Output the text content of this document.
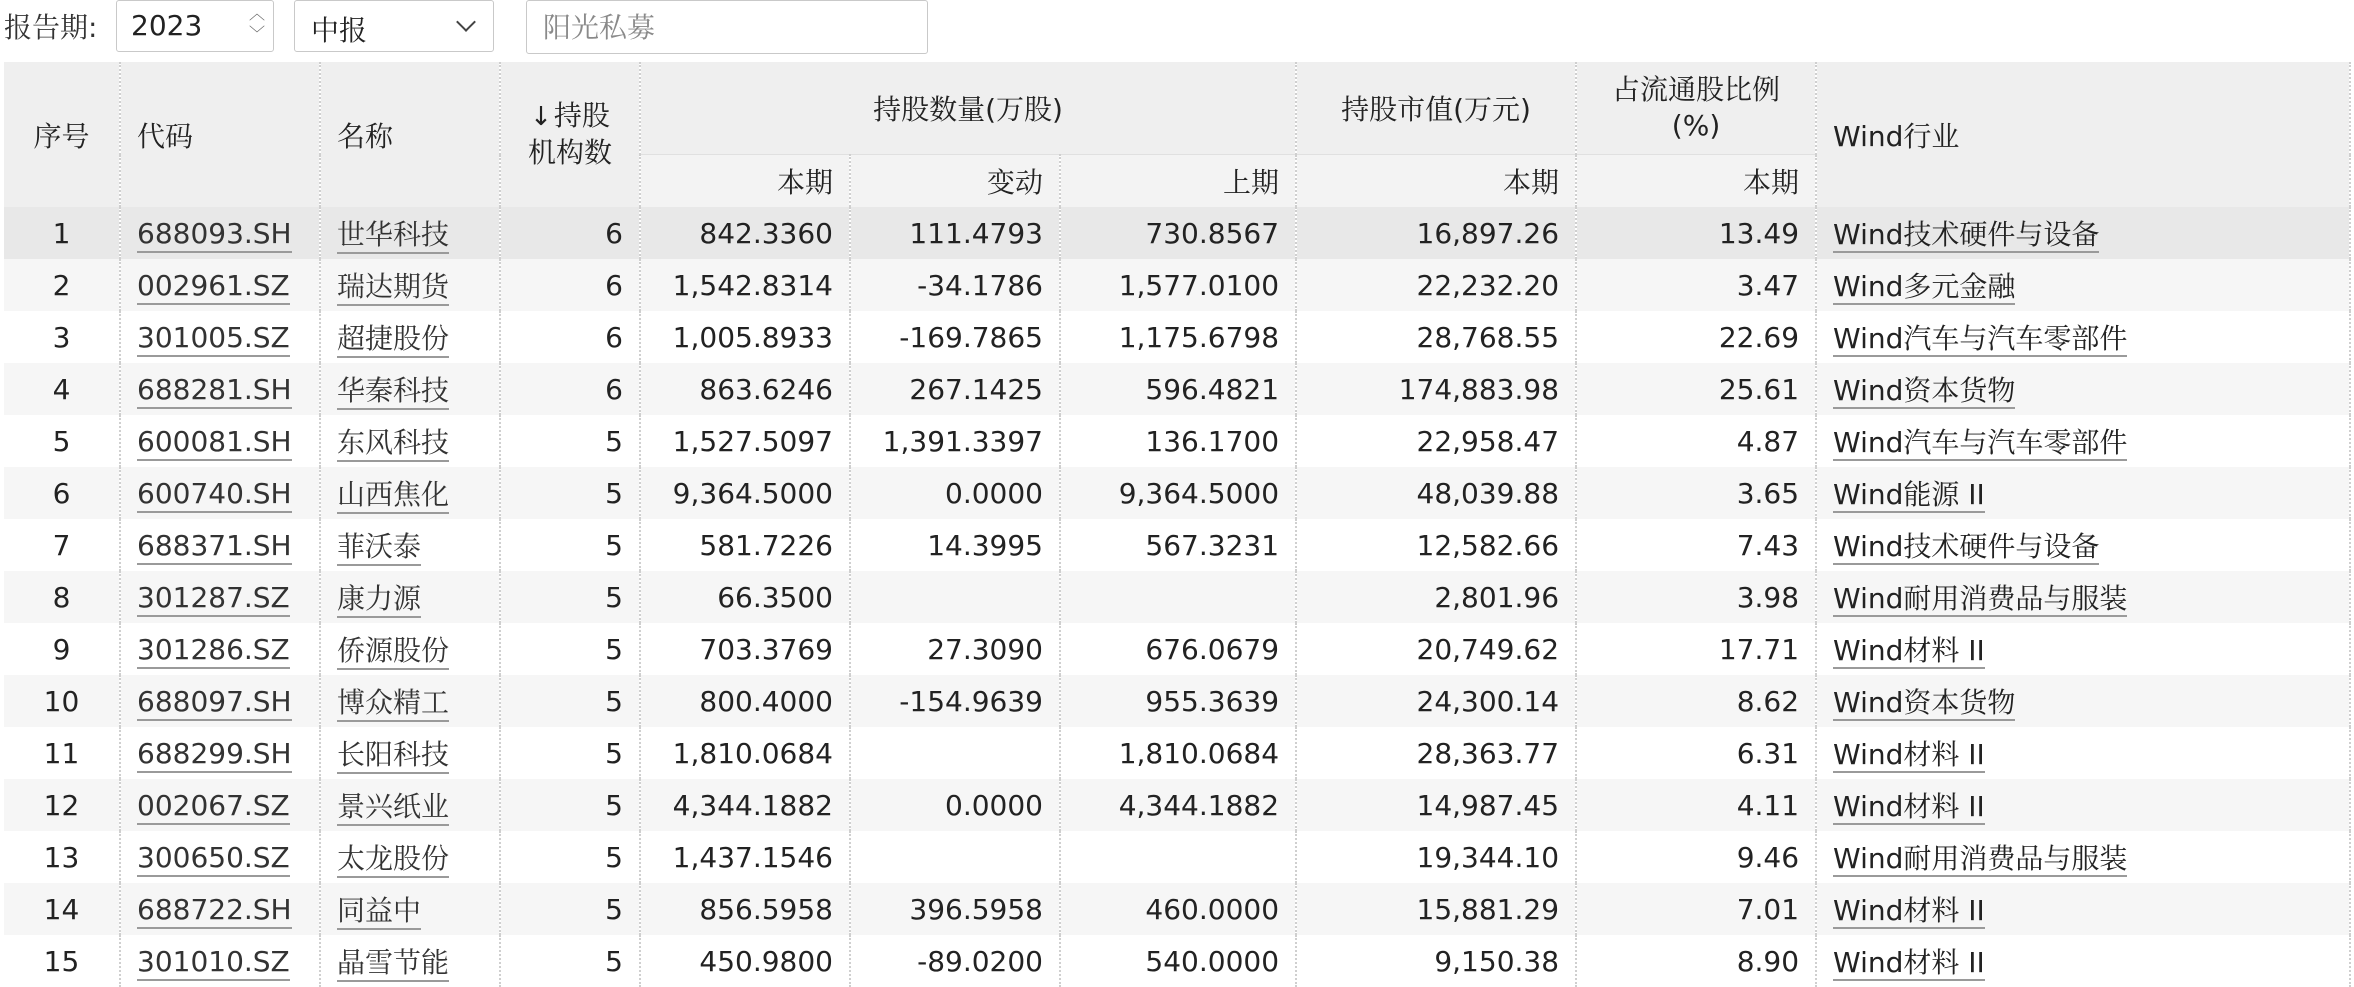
报告期: 2023	︿
﹀ 中报
阳光私募
序号	代码	名称	↓持股
机构数	持股数量(万股)			持股市值(万元)	占流通股比例
(%)	Wind行业
				本期	变动	上期	本期	本期	
1	688093.SH	世华科技	6	842.3360	111.4793	730.8567	16,897.26	13.49	Wind技术硬件与设备
2	002961.SZ	瑞达期货	6	1,542.8314	-34.1786	1,577.0100	22,232.20	3.47	Wind多元金融
3	301005.SZ	超捷股份	6	1,005.8933	-169.7865	1,175.6798	28,768.55	22.69	Wind汽车与汽车零部件
4	688281.SH	华秦科技	6	863.6246	267.1425	596.4821	174,883.98	25.61	Wind资本货物
5	600081.SH	东风科技	5	1,527.5097	1,391.3397	136.1700	22,958.47	4.87	Wind汽车与汽车零部件
6	600740.SH	山西焦化	5	9,364.5000	0.0000	9,364.5000	48,039.88	3.65	Wind能源 II
7	688371.SH	菲沃泰	5	581.7226	14.3995	567.3231	12,582.66	7.43	Wind技术硬件与设备
8	301287.SZ	康力源	5	66.3500			2,801.96	3.98	Wind耐用消费品与服装
9	301286.SZ	侨源股份	5	703.3769	27.3090	676.0679	20,749.62	17.71	Wind材料 II
10	688097.SH	博众精工	5	800.4000	-154.9639	955.3639	24,300.14	8.62	Wind资本货物
11	688299.SH	长阳科技	5	1,810.0684		1,810.0684	28,363.77	6.31	Wind材料 II
12	002067.SZ	景兴纸业	5	4,344.1882	0.0000	4,344.1882	14,987.45	4.11	Wind材料 II
13	300650.SZ	太龙股份	5	1,437.1546			19,344.10	9.46	Wind耐用消费品与服装
14	688722.SH	同益中	5	856.5958	396.5958	460.0000	15,881.29	7.01	Wind材料 II
15	301010.SZ	晶雪节能	5	450.9800	-89.0200	540.0000	9,150.38	8.90	Wind材料 II
